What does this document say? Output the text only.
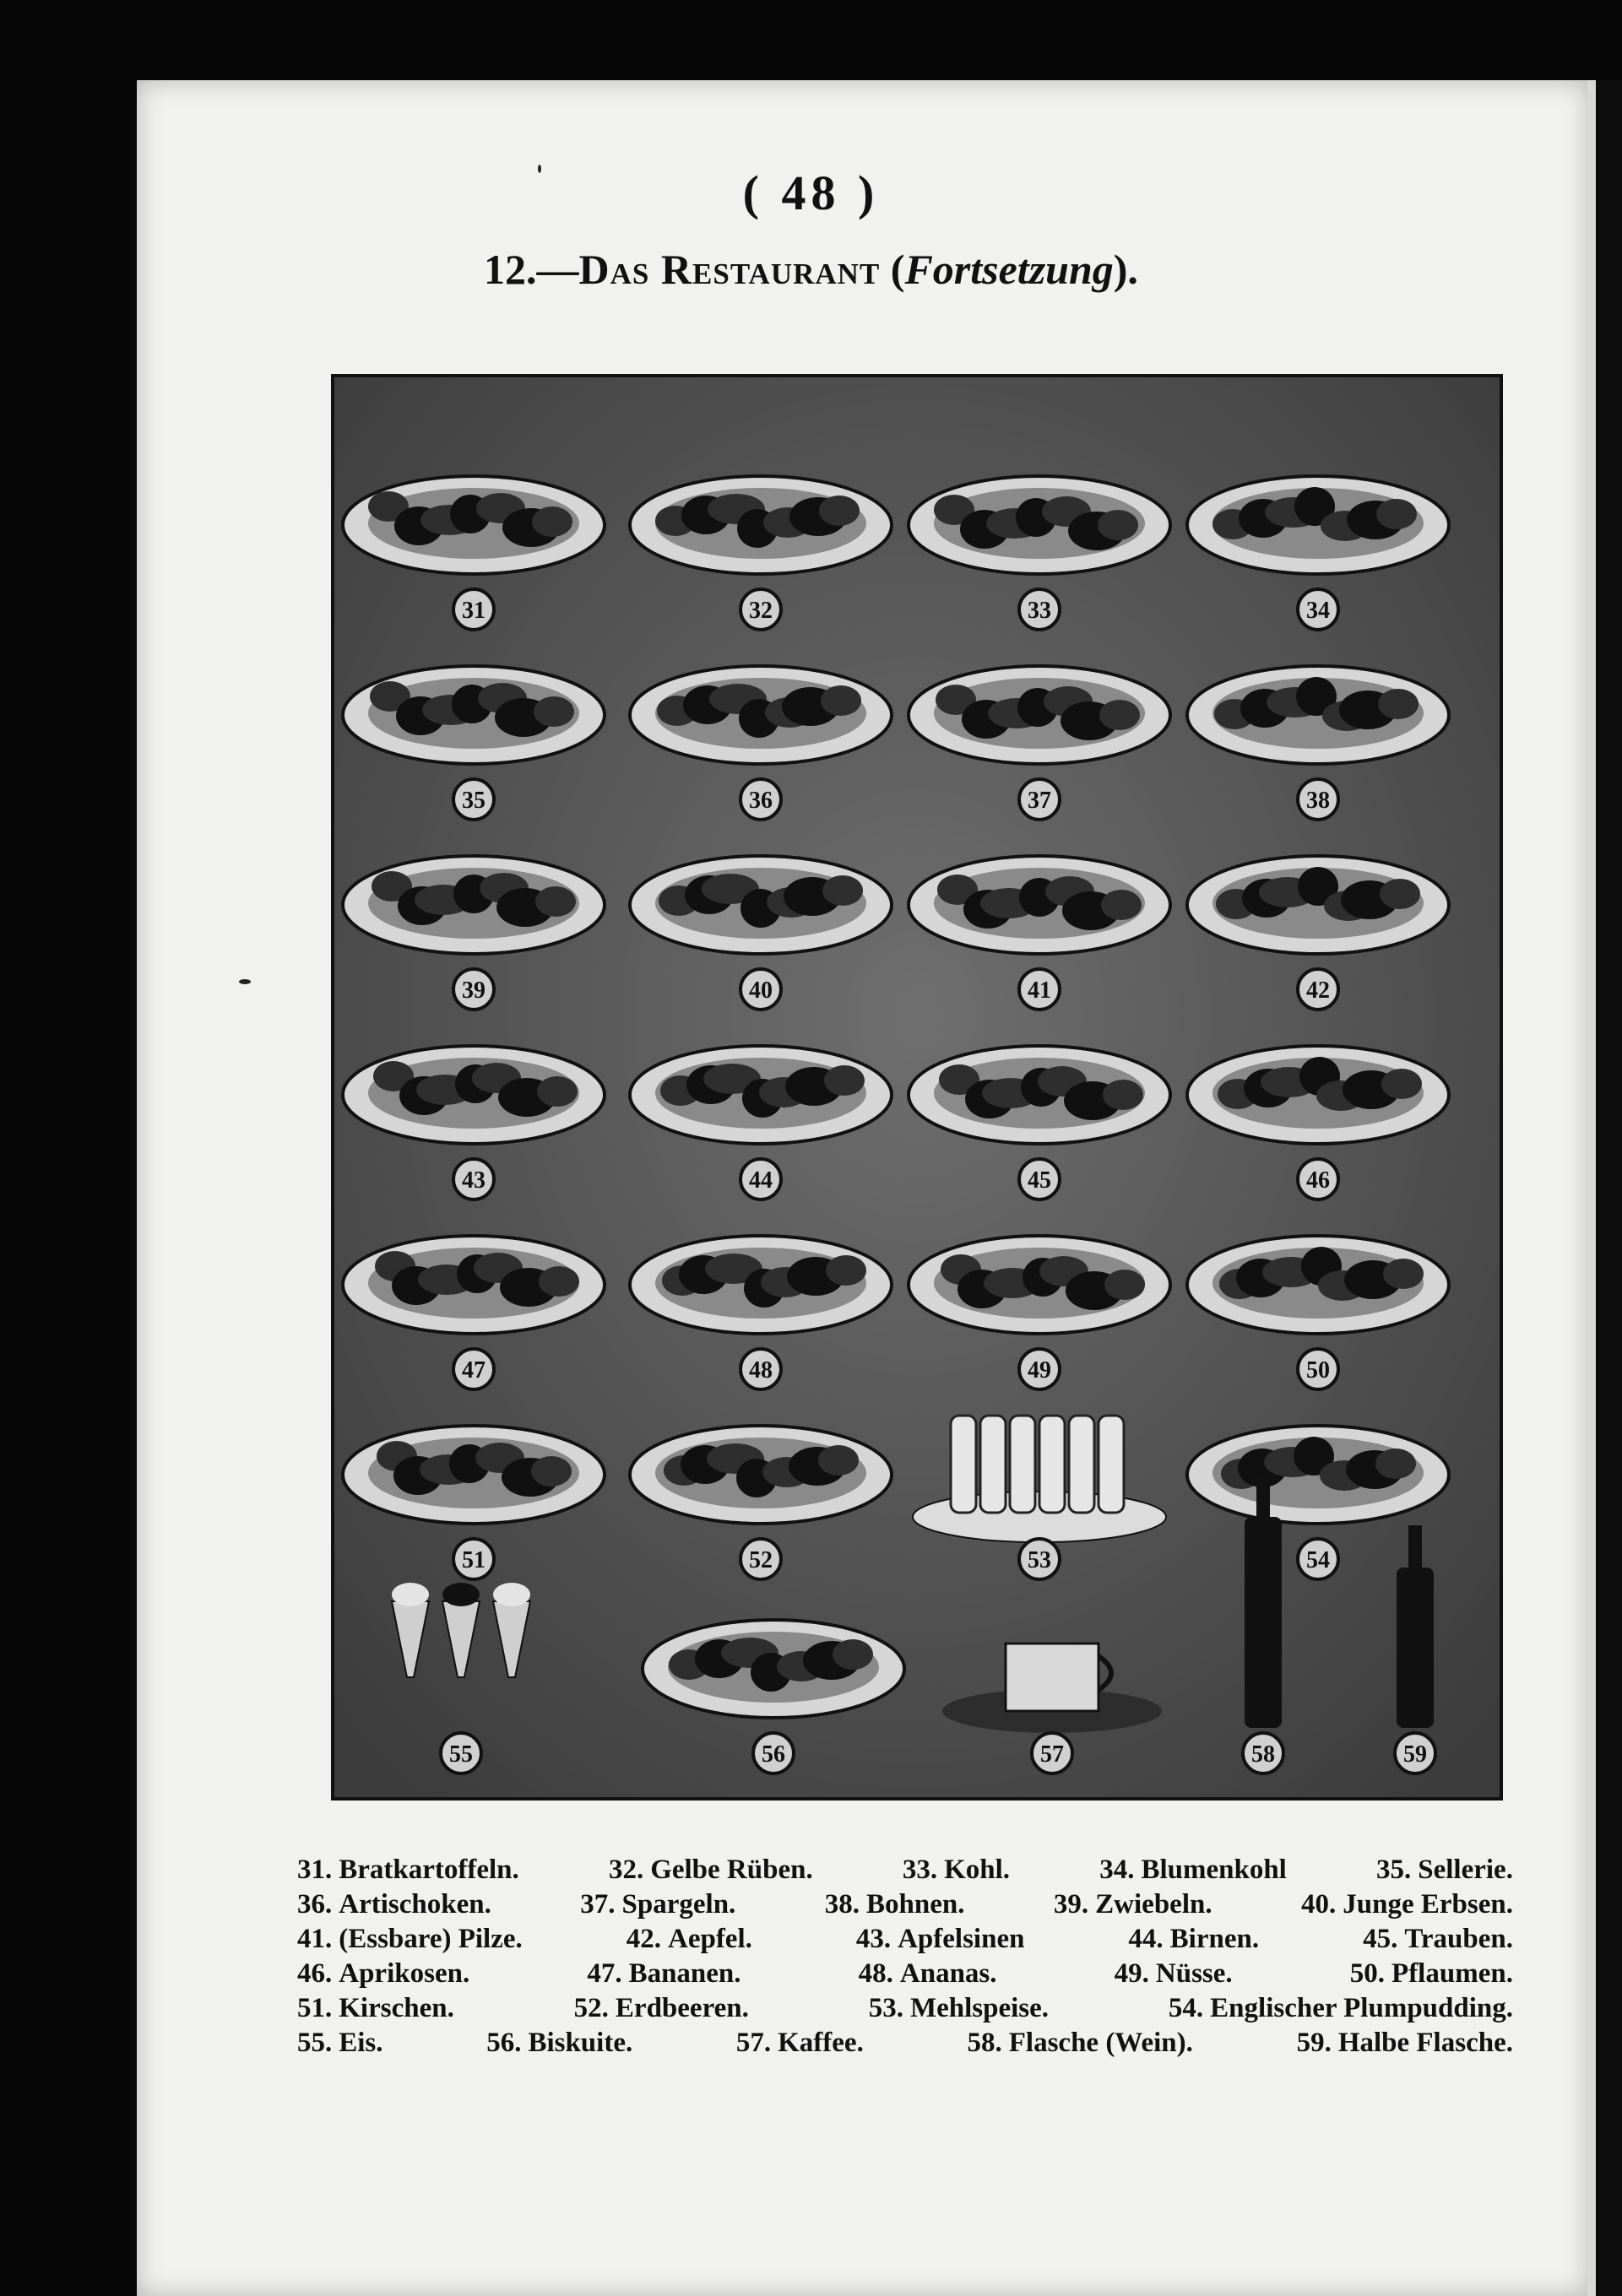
( 48 )
12.—Das Restaurant (Fortsetzung).
31	32	33	34
35	36	37	38
39	40	41	42
43	44	45	46
47	48	49	50
51	52	53	54
55	56	57	58	59
31. Bratkartoffeln.	32. Gelbe Rüben.	33. Kohl.	34. Blumenkohl	35. Sellerie.
36. Artischoken.	37. Spargeln.	38. Bohnen.	39. Zwiebeln.	40. Junge Erbsen.
41. (Essbare) Pilze.	42. Aepfel.	43. Apfelsinen	44. Birnen.	45. Trauben.
46. Aprikosen.	47. Bananen.	48. Ananas.	49. Nüsse.	50. Pflaumen.
51. Kirschen.	52. Erdbeeren.	53. Mehlspeise.	54. Englischer Plumpudding.
55. Eis.	56. Biskuite.	57. Kaffee.	58. Flasche (Wein).	59. Halbe Flasche.
